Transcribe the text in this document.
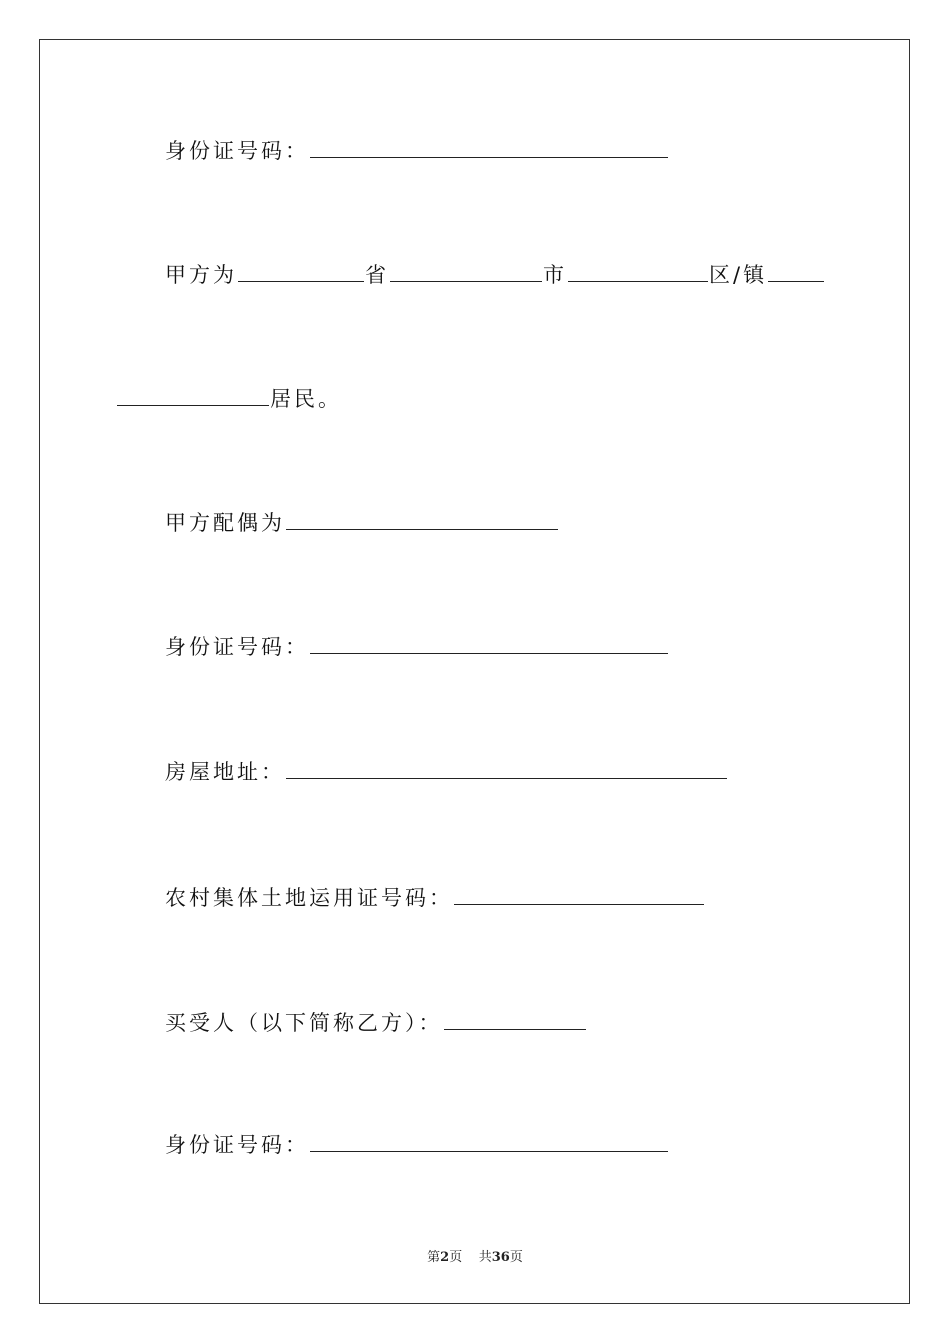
身份证号码：
甲方为	省	市	区/镇
居民。
甲方配偶为
身份证号码：
房屋地址：
农村集体土地运用证号码：
买受人（以下简称乙方）：
身份证号码：
第2页 共36页
